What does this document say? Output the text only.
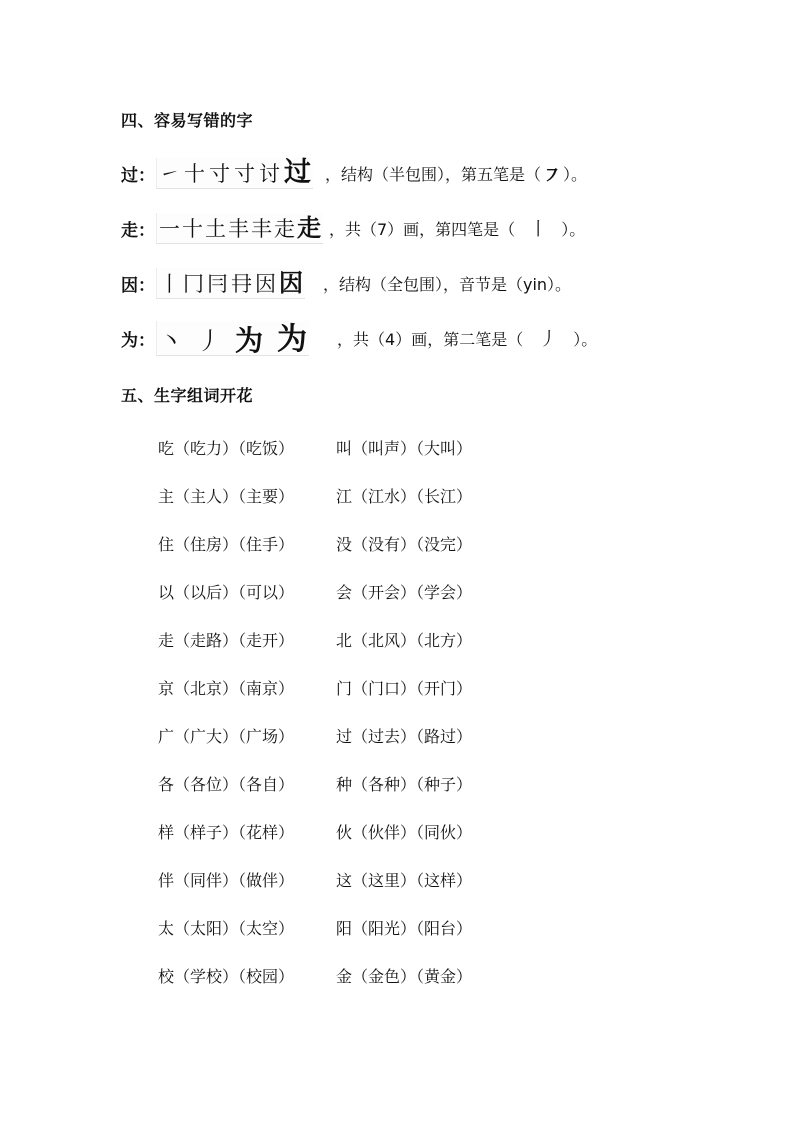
四、容易写错的字
过： ㇀ 十 寸 寸 讨 过 ，结构（半包围），第五笔是（ ㇇ ）。
走： 一 十 土 丰 丰 走 走 ，共（7）画，第四笔是（ 丨 ）。
因： 丨 冂 冃 冄 因 因 ，结构（全包围），音节是（yin）。
为： 丶 丿 为 为 ，共（4）画，第二笔是（ 丿 ）。
五、生字组词开花
吃（吃力）（吃饭）	叫（叫声）（大叫）
主（主人）（主要）	江（江水）（长江）
住（住房）（住手）	没（没有）（没完）
以（以后）（可以）	会（开会）（学会）
走（走路）（走开）	北（北风）（北方）
京（北京）（南京）	门（门口）（开门）
广（广大）（广场）	过（过去）（路过）
各（各位）（各自）	种（各种）（种子）
样（样子）（花样）	伙（伙伴）（同伙）
伴（同伴）（做伴）	这（这里）（这样）
太（太阳）（太空）	阳（阳光）（阳台）
校（学校）（校园）	金（金色）（黄金）
